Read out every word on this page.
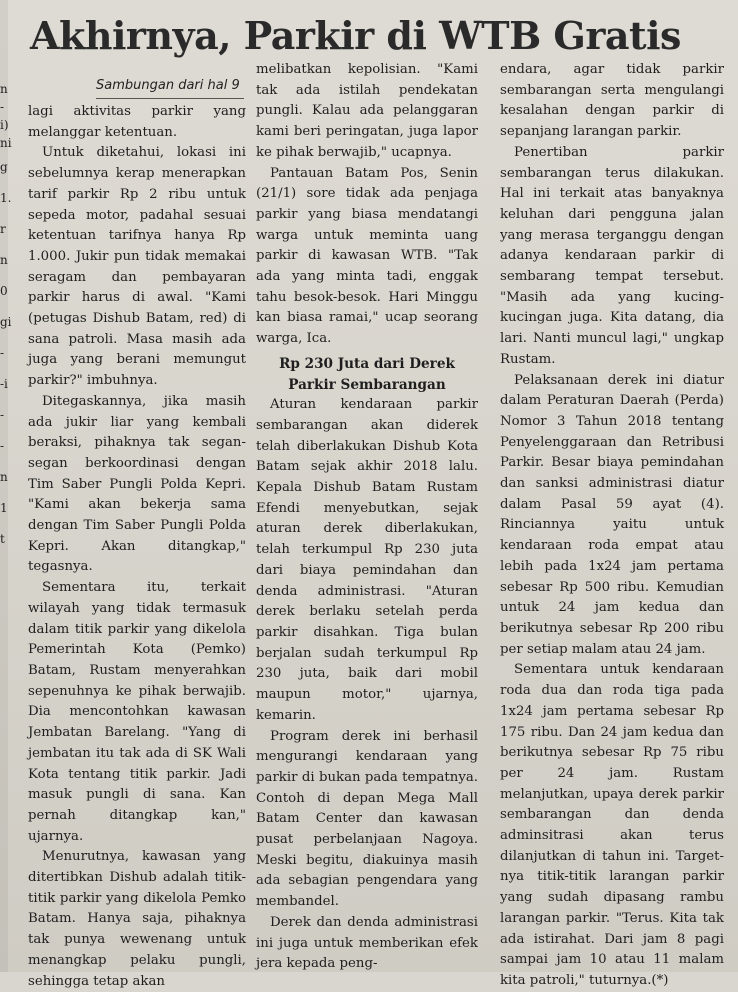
Akhirnya, Parkir di WTB Gratis
Sambungan dari hal 9
n
-
i)
ni
g
1.
r
n
0
gi
-
-i
-
-
n
1
t

lagi aktivitas parkir yang melanggar ketentuan.

Untuk diketahui, lokasi ini sebelumnya kerap menerapkan tarif parkir Rp 2 ribu untuk sepeda motor, padahal sesuai ketentuan tarifnya hanya Rp 1.000. Jukir pun tidak memakai seragam dan pembayaran parkir harus di awal. "Kami (petugas Dishub Batam, red) di sana patroli. Masa masih ada juga yang berani memungut parkir?" imbuhnya.

Ditegaskannya, jika masih ada jukir liar yang kembali beraksi, pihaknya tak segan-segan berkoordinasi dengan Tim Saber Pungli Polda Kepri. "Kami akan bekerja sama dengan Tim Saber Pungli Polda Kepri. Akan ditangkap," tegasnya.

Sementara itu, terkait wilayah yang tidak termasuk dalam titik parkir yang dikelola Pemerintah Kota (Pemko) Batam, Rustam menyerahkan sepenuhnya ke pihak berwajib. Dia mencontohkan kawasan Jembatan Barelang. "Yang di jembatan itu tak ada di SK Wali Kota tentang titik parkir. Jadi masuk pungli di sana. Kan pernah ditangkap kan," ujarnya.

Menurutnya, kawasan yang ditertibkan Dishub adalah titik-titik parkir yang dikelola Pemko Batam. Hanya saja, pihaknya tak punya wewenang untuk menangkap pelaku pungli, sehingga tetap akan

melibatkan kepolisian. "Kami tak ada istilah pendekatan pungli. Kalau ada pelanggaran kami beri peringatan, juga lapor ke pihak berwajib," ucapnya.

Pantauan Batam Pos, Senin (21/1) sore tidak ada penjaga parkir yang biasa mendatangi warga untuk meminta uang parkir di kawasan WTB. "Tak ada yang minta tadi, enggak tahu besok-besok. Hari Minggu kan biasa ramai," ucap seorang warga, Ica.

Rp 230 Juta dari Derek Parkir Sembarangan

Aturan kendaraan parkir sembarangan akan diderek telah diberlakukan Dishub Kota Batam sejak akhir 2018 lalu. Kepala Dishub Batam Rustam Efendi menyebutkan, sejak aturan derek diberlakukan, telah terkumpul Rp 230 juta dari biaya pemindahan dan denda administrasi. "Aturan derek berlaku setelah perda parkir disahkan. Tiga bulan berjalan sudah terkumpul Rp 230 juta, baik dari mobil maupun motor," ujarnya, kemarin.

Program derek ini berhasil mengurangi kendaraan yang parkir di bukan pada tempatnya. Contoh di depan Mega Mall Batam Center dan kawasan pusat perbelanjaan Nagoya. Meski begitu, diakuinya masih ada sebagian pengendara yang membandel.

Derek dan denda administrasi ini juga untuk memberikan efek jera kepada peng-

endara, agar tidak parkir sembarangan serta mengulangi kesalahan dengan parkir di sepanjang larangan parkir.

Penertiban parkir sembarangan terus dilakukan. Hal ini terkait atas banyaknya keluhan dari pengguna jalan yang merasa terganggu dengan adanya kendaraan parkir di sembarang tempat tersebut. "Masih ada yang kucing-kucingan juga. Kita datang, dia lari. Nanti muncul lagi," ungkap Rustam.

Pelaksanaan derek ini diatur dalam Peraturan Daerah (Perda) Nomor 3 Tahun 2018 tentang Penyelenggaraan dan Retribusi Parkir. Besar biaya pemindahan dan sanksi administrasi diatur dalam Pasal 59 ayat (4). Rinciannya yaitu untuk kendaraan roda empat atau lebih pada 1x24 jam pertama sebesar Rp 500 ribu. Kemudian untuk 24 jam kedua dan berikutnya sebesar Rp 200 ribu per setiap malam atau 24 jam.

Sementara untuk kendaraan roda dua dan roda tiga pada 1x24 jam pertama sebesar Rp 175 ribu. Dan 24 jam kedua dan berikutnya sebesar Rp 75 ribu per 24 jam. Rustam melanjutkan, upaya derek parkir sembarangan dan denda adminsitrasi akan terus dilanjutkan di tahun ini. Target-nya titik-titik larangan parkir yang sudah dipasang rambu larangan parkir. "Terus. Kita tak ada istirahat. Dari jam 8 pagi sampai jam 10 atau 11 malam kita patroli," tuturnya.(*)
